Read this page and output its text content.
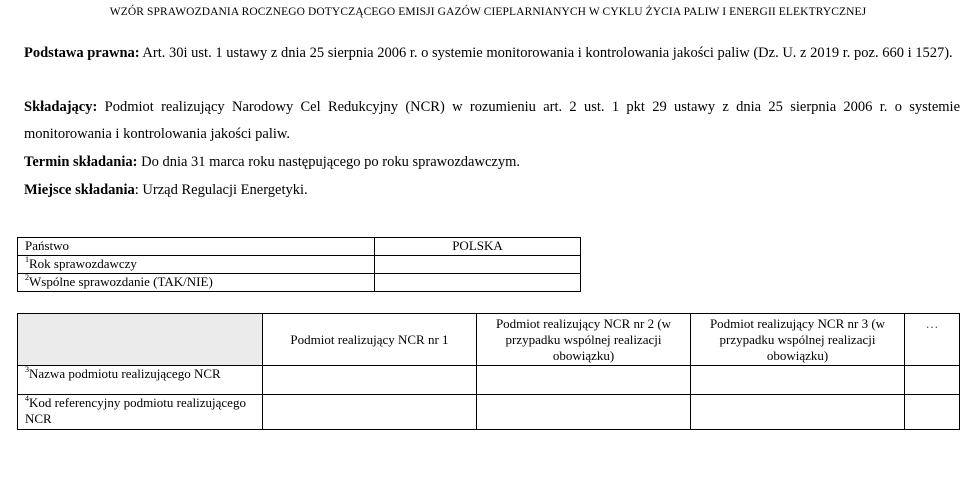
WZÓR SPRAWOZDANIA ROCZNEGO DOTYCZĄCEGO EMISJI GAZÓW CIEPLARNIANYCH W CYKLU ŻYCIA PALIW I ENERGII ELEKTRYCZNEJ
Podstawa prawna: Art. 30i ust. 1 ustawy z dnia 25 sierpnia 2006 r. o systemie monitorowania i kontrolowania jakości paliw (Dz. U. z 2019 r. poz. 660 i 1527).
Składający: Podmiot realizujący Narodowy Cel Redukcyjny (NCR) w rozumieniu art. 2 ust. 1 pkt 29 ustawy z dnia 25 sierpnia 2006 r. o systemie monitorowania i kontrolowania jakości paliw.
Termin składania: Do dnia 31 marca roku następującego po roku sprawozdawczym.
Miejsce składania: Urząd Regulacji Energetyki.
Państwo	POLSKA
$^1$Rok sprawozdawczy	
$^2$Wspólne sprawozdanie (TAK/NIE)	
	Podmiot realizujący NCR nr 1	Podmiot realizujący NCR nr 2 (w przypadku wspólnej realizacji obowiązku)	Podmiot realizujący NCR nr 3 (w przypadku wspólnej realizacji obowiązku)	…
$^3$Nazwa podmiotu realizującego NCR				
$^4$Kod referencyjny podmiotu realizującego NCR				
